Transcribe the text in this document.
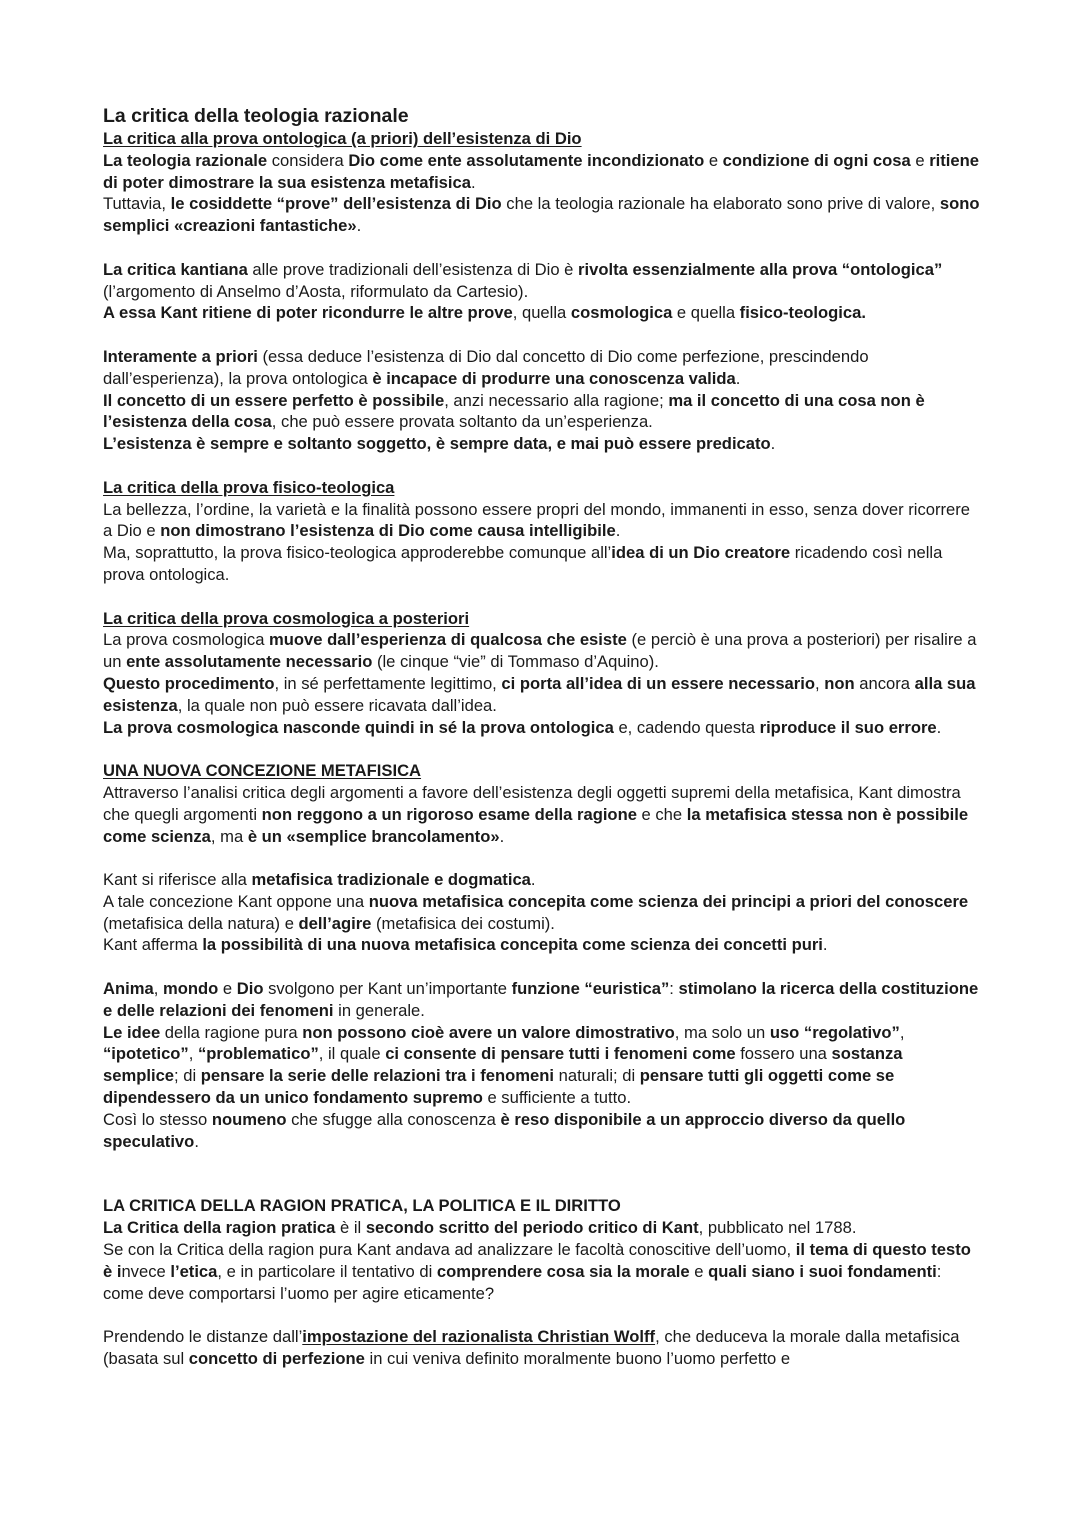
La critica della teologia razionale

La critica alla prova ontologica (a priori) dell’esistenza di Dio

La teologia razionale considera Dio come ente assolutamente incondizionato e condizione di ogni cosa e ritiene di poter dimostrare la sua esistenza metafisica.

Tuttavia, le cosiddette “prove” dell’esistenza di Dio che la teologia razionale ha elaborato sono prive di valore, sono semplici «creazioni fantastiche».

La critica kantiana alle prove tradizionali dell’esistenza di Dio è rivolta essenzialmente alla prova “ontologica” (l’argomento di Anselmo d’Aosta, riformulato da Cartesio).

A essa Kant ritiene di poter ricondurre le altre prove, quella cosmologica e quella fisico-teologica.

Interamente a priori (essa deduce l’esistenza di Dio dal concetto di Dio come perfezione, prescindendo dall’esperienza), la prova ontologica è incapace di produrre una conoscenza valida.

Il concetto di un essere perfetto è possibile, anzi necessario alla ragione; ma il concetto di una cosa non è l’esistenza della cosa, che può essere provata soltanto da un’esperienza.

L’esistenza è sempre e soltanto soggetto, è sempre data, e mai può essere predicato.

La critica della prova fisico-teologica

La bellezza, l’ordine, la varietà e la finalità possono essere propri del mondo, immanenti in esso, senza dover ricorrere a Dio e non dimostrano l’esistenza di Dio come causa intelligibile.

Ma, soprattutto, la prova fisico-teologica approderebbe comunque all’idea di un Dio creatore ricadendo così nella prova ontologica.

La critica della prova cosmologica a posteriori

La prova cosmologica muove dall’esperienza di qualcosa che esiste (e perciò è una prova a posteriori) per risalire a un ente assolutamente necessario (le cinque “vie” di Tommaso d’Aquino).

Questo procedimento, in sé perfettamente legittimo, ci porta all’idea di un essere necessario, non ancora alla sua esistenza, la quale non può essere ricavata dall’idea.

La prova cosmologica nasconde quindi in sé la prova ontologica e, cadendo questa riproduce il suo errore.

UNA NUOVA CONCEZIONE METAFISICA

Attraverso l’analisi critica degli argomenti a favore dell’esistenza degli oggetti supremi della metafisica, Kant dimostra che quegli argomenti non reggono a un rigoroso esame della ragione e che la metafisica stessa non è possibile come scienza, ma è un «semplice brancolamento».

Kant si riferisce alla metafisica tradizionale e dogmatica.

A tale concezione Kant oppone una nuova metafisica concepita come scienza dei principi a priori del conoscere (metafisica della natura) e dell’agire (metafisica dei costumi).

Kant afferma la possibilità di una nuova metafisica concepita come scienza dei concetti puri.

Anima, mondo e Dio svolgono per Kant un’importante funzione “euristica”: stimolano la ricerca della costituzione e delle relazioni dei fenomeni in generale.

Le idee della ragione pura non possono cioè avere un valore dimostrativo, ma solo un uso “regolativo”, “ipotetico”, “problematico”, il quale ci consente di pensare tutti i fenomeni come fossero una sostanza semplice; di pensare la serie delle relazioni tra i fenomeni naturali; di pensare tutti gli oggetti come se dipendessero da un unico fondamento supremo e sufficiente a tutto.

Così lo stesso noumeno che sfugge alla conoscenza è reso disponibile a un approccio diverso da quello speculativo.

LA CRITICA DELLA RAGION PRATICA, LA POLITICA E IL DIRITTO

La Critica della ragion pratica è il secondo scritto del periodo critico di Kant, pubblicato nel 1788.

Se con la Critica della ragion pura Kant andava ad analizzare le facoltà conoscitive dell’uomo, il tema di questo testo è invece l’etica, e in particolare il tentativo di comprendere cosa sia la morale e quali siano i suoi fondamenti: come deve comportarsi l’uomo per agire eticamente?

Prendendo le distanze dall’impostazione del razionalista Christian Wolff, che deduceva la morale dalla metafisica (basata sul concetto di perfezione in cui veniva definito moralmente buono l’uomo perfetto e
